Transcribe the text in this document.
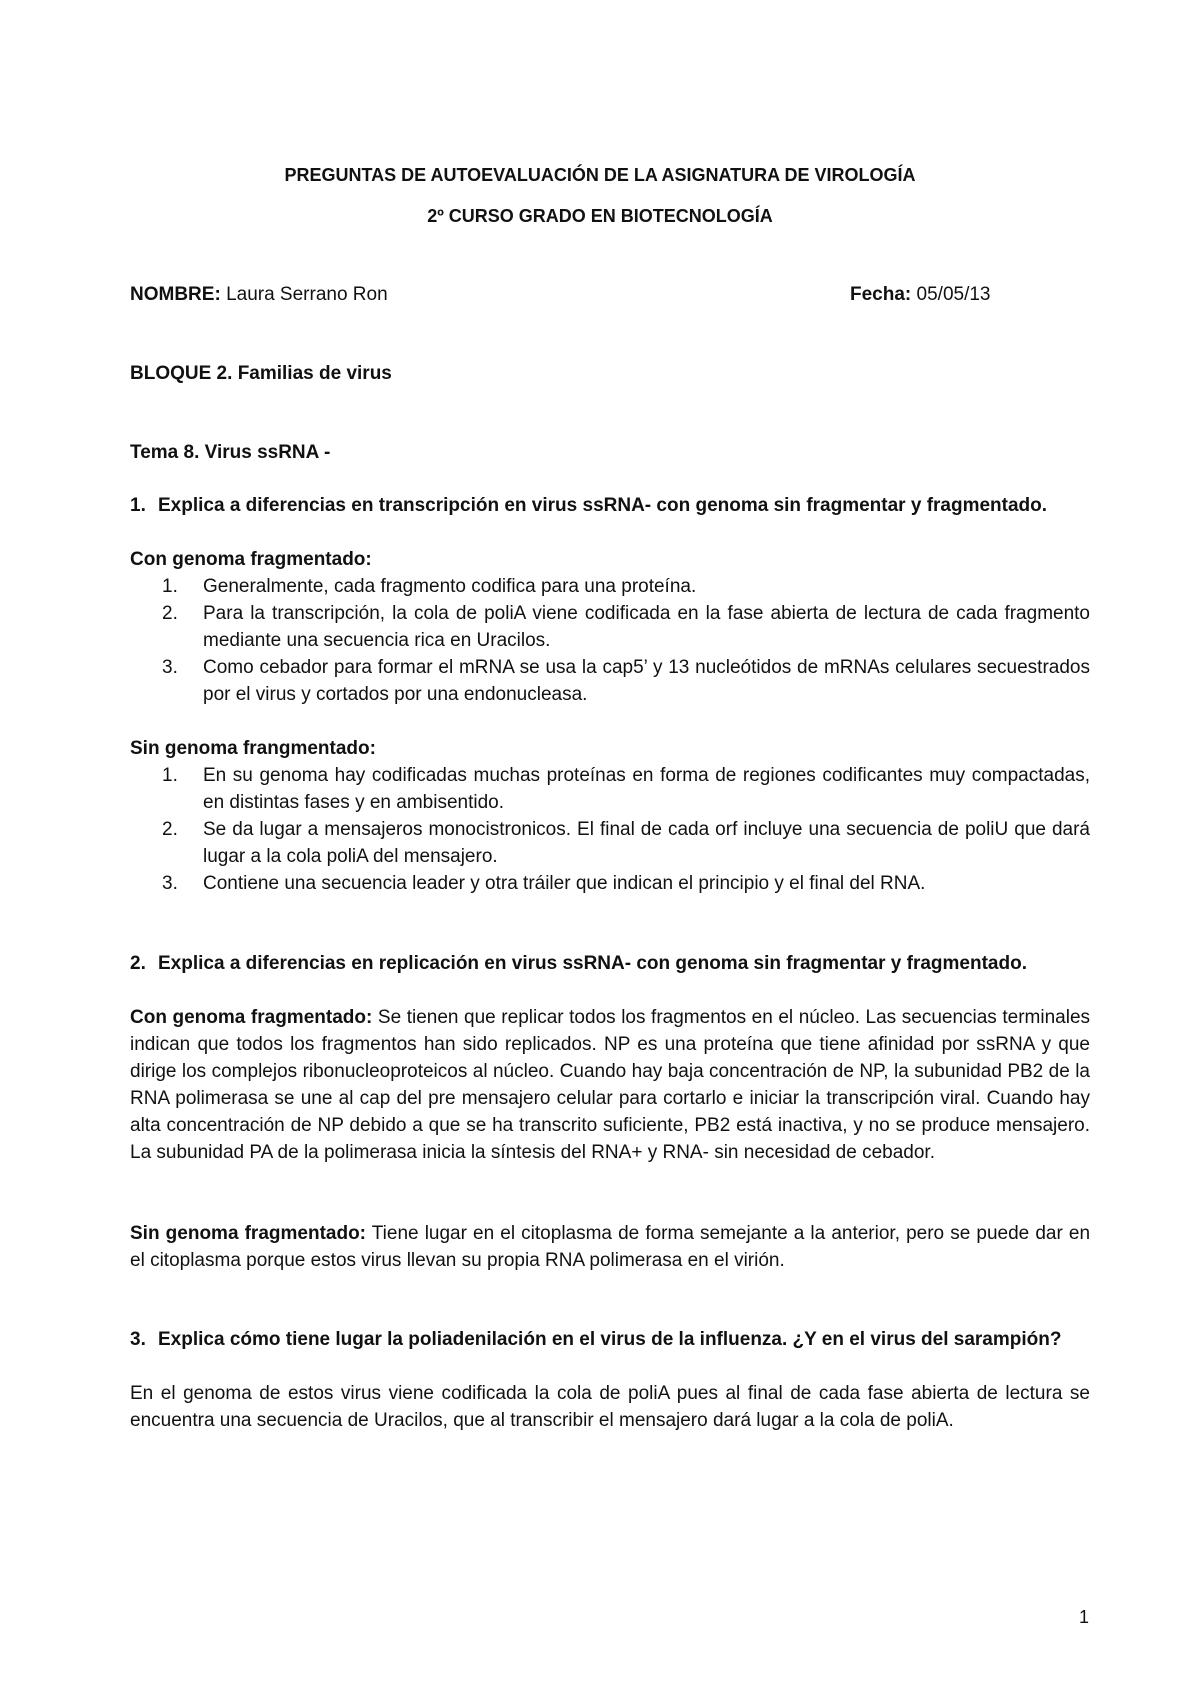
PREGUNTAS DE AUTOEVALUACIÓN DE LA ASIGNATURA DE VIROLOGÍA
2º CURSO GRADO EN BIOTECNOLOGÍA
NOMBRE: Laura Serrano Ron	Fecha: 05/05/13
BLOQUE 2. Familias de virus
Tema 8. Virus ssRNA -
1. Explica a diferencias en transcripción en virus ssRNA- con genoma sin fragmentar y fragmentado.
Con genoma fragmentado:
1. Generalmente, cada fragmento codifica para una proteína.
2. Para la transcripción, la cola de poliA viene codificada en la fase abierta de lectura de cada fragmento mediante una secuencia rica en Uracilos.
3. Como cebador para formar el mRNA se usa la cap5’ y 13 nucleótidos de mRNAs celulares secuestrados por el virus y cortados por una endonucleasa.
Sin genoma frangmentado:
1. En su genoma hay codificadas muchas proteínas en forma de regiones codificantes muy compactadas, en distintas fases y en ambisentido.
2. Se da lugar a mensajeros monocistronicos. El final de cada orf incluye una secuencia de poliU que dará lugar a la cola poliA del mensajero.
3. Contiene una secuencia leader y otra tráiler que indican el principio y el final del RNA.
2. Explica a diferencias en replicación en virus ssRNA- con genoma sin fragmentar y fragmentado.
Con genoma fragmentado: Se tienen que replicar todos los fragmentos en el núcleo. Las secuencias terminales indican que todos los fragmentos han sido replicados. NP es una proteína que tiene afinidad por ssRNA y que dirige los complejos ribonucleoproteicos al núcleo. Cuando hay baja concentración de NP, la subunidad PB2 de la RNA polimerasa se une al cap del pre mensajero celular para cortarlo e iniciar la transcripción viral. Cuando hay alta concentración de NP debido a que se ha transcrito suficiente, PB2 está inactiva, y no se produce mensajero. La subunidad PA de la polimerasa inicia la síntesis del RNA+ y RNA- sin necesidad de cebador.
Sin genoma fragmentado: Tiene lugar en el citoplasma de forma semejante a la anterior, pero se puede dar en el citoplasma porque estos virus llevan su propia RNA polimerasa en el virión.
3. Explica cómo tiene lugar la poliadenilación en el virus de la influenza. ¿Y en el virus del sarampión?
En el genoma de estos virus viene codificada la cola de poliA pues al final de cada fase abierta de lectura se encuentra una secuencia de Uracilos, que al transcribir el mensajero dará lugar a la cola de poliA.
1
